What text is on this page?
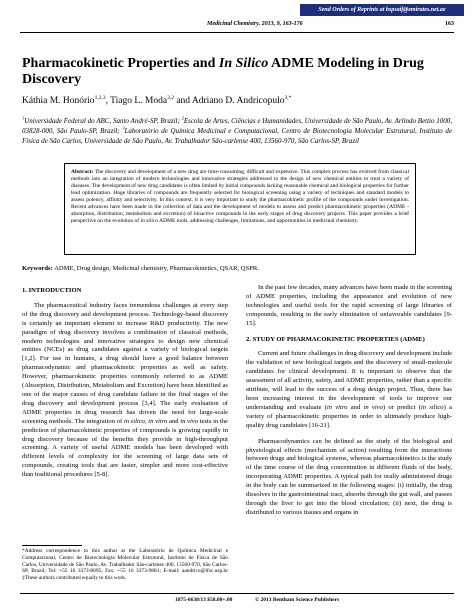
Send Orders of Reprints at bspsaif@emirates.net.ae
Medicinal Chemistry, 2013, 9, 163-176	163
Pharmacokinetic Properties and In Silico ADME Modeling in Drug Discovery
Káthia M. Honório$^{1,2,3}$, Tiago L. Moda$^{3,2}$ and Adriano D. Andricopulo$^{3,*}$
$^1$Universidade Federal do ABC, Santo André-SP, Brazil; $^2$Escola de Artes, Ciências e Humanidades, Universidade de São Paulo, Av. Arlindo Bettio 1000, 03828-000, São Paulo-SP, Brazil; $^3$Laboratório de Química Medicinal e Computacional, Centro de Biotecnologia Molecular Estrutural, Instituto de Física de São Carlos, Universidade de São Paulo, Av. Trabalhador São-carlense 400, 13560-970, São Carlos-SP, Brazil
Abstract: The discovery and development of a new drug are time-consuming, difficult and expensive. This complex process has evolved from classical methods into an integration of modern technologies and innovative strategies addressed to the design of new chemical entities to treat a variety of diseases. The development of new drug candidates is often limited by initial compounds lacking reasonable chemical and biological properties for further lead optimization. Huge libraries of compounds are frequently selected for biological screening using a variety of techniques and standard models to assess potency, affinity and selectivity. In this context, it is very important to study the pharmacokinetic profile of the compounds under investigation. Recent advances have been made in the collection of data and the development of models to assess and predict pharmacokinetic properties (ADME - absorption, distribution, metabolism and excretion) of bioactive compounds in the early stages of drug discovery projects. This paper provides a brief perspective on the evolution of in silico ADME tools, addressing challenges, limitations, and opportunities in medicinal chemistry.
Keywords: ADME, Drug design, Medicinal chemistry, Pharmacokinetics, QSAR, QSPR.
1. INTRODUCTION

The pharmaceutical industry faces tremendous challenges at every step of the drug discovery and development process. Technology-based discovery is certainly an important element to increase R&D productivity. The new paradigm of drug discovery involves a combination of classical methods, modern technologies and innovative strategies to design new chemical entities (NCEs) as drug candidates against a variety of biological targets [1,2]. For use in humans, a drug should have a good balance between pharmacodynamic and pharmacokinetic properties as well as safety. However, pharmacokinetic properties commonly referred to as ADME (Absorption, Distribution, Metabolism and Excretion) have been identified as one of the major causes of drug candidate failure in the final stages of the drug discovery and development process [3,4]. The early evaluation of ADME properties in drug research has driven the need for large-scale screening methods. The integration of in silico, in vitro and in vivo tests in the prediction of pharmacokinetic properties of compounds is growing rapidly in drug discovery because of the benefits they provide in high-throughput screening. A variety of useful ADME models has been developed with different levels of complexity for the screening of large data sets of compounds, creating tools that are faster, simpler and more cost-effective than traditional procedures [5-8].

In the past few decades, many advances have been made in the screening of ADME properties, including the appearance and evolution of new technologies and useful tools for the rapid screening of large libraries of compounds, resulting in the early elimination of unfavorable candidates [9-15].

2. STUDY OF PHARMACOKINETIC PROPERTIES (ADME)

Current and future challenges in drug discovery and development include the validation of new biological targets and the discovery of small-molecule candidates for clinical development. It is important to observe that the assessment of all activity, safety, and ADME properties, rather than a specific attribute, will lead to the success of a drug design project. Thus, there has been increasing interest in the development of tools to improve our understanding and evaluate (in vitro and in vivo) or predict (in silico) a variety of pharmacokinetic properties in order to ultimately produce high-quality drug candidates [16-21].

Pharmacodynamics can be defined as the study of the biological and physiological effects (mechanism of action) resulting from the interactions between drugs and biological systems, whereas pharmacokinetics is the study of the time course of the drug concentration in different fluids of the body, incorporating ADME properties. A typical path for orally administered drugs in the body can be summarized in the following stages: (i) initially, the drug dissolves in the gastrointestinal tract, absorbs through the gut wall, and passes through the liver to get into the blood circulation; (ii) next, the drug is distributed to various tissues and organs in

*Address correspondence to this author at the Laboratório de Química Medicinal e Computacional, Centro de Biotecnologia Molecular Estrutural, Instituto de Física de São Carlos, Universidade de São Paulo, Av. Trabalhador São-carlense 400, 13560-970, São Carlos-SP, Brazil; Tel: +55 16 3373-8095; Fax: +55 16 3373-9881; E-mail: aandrico@ifsc.usp.br ‡These authors contributed equally to this work.
1875-6638/13 $58.00+.00	© 2013 Bentham Science Publishers
